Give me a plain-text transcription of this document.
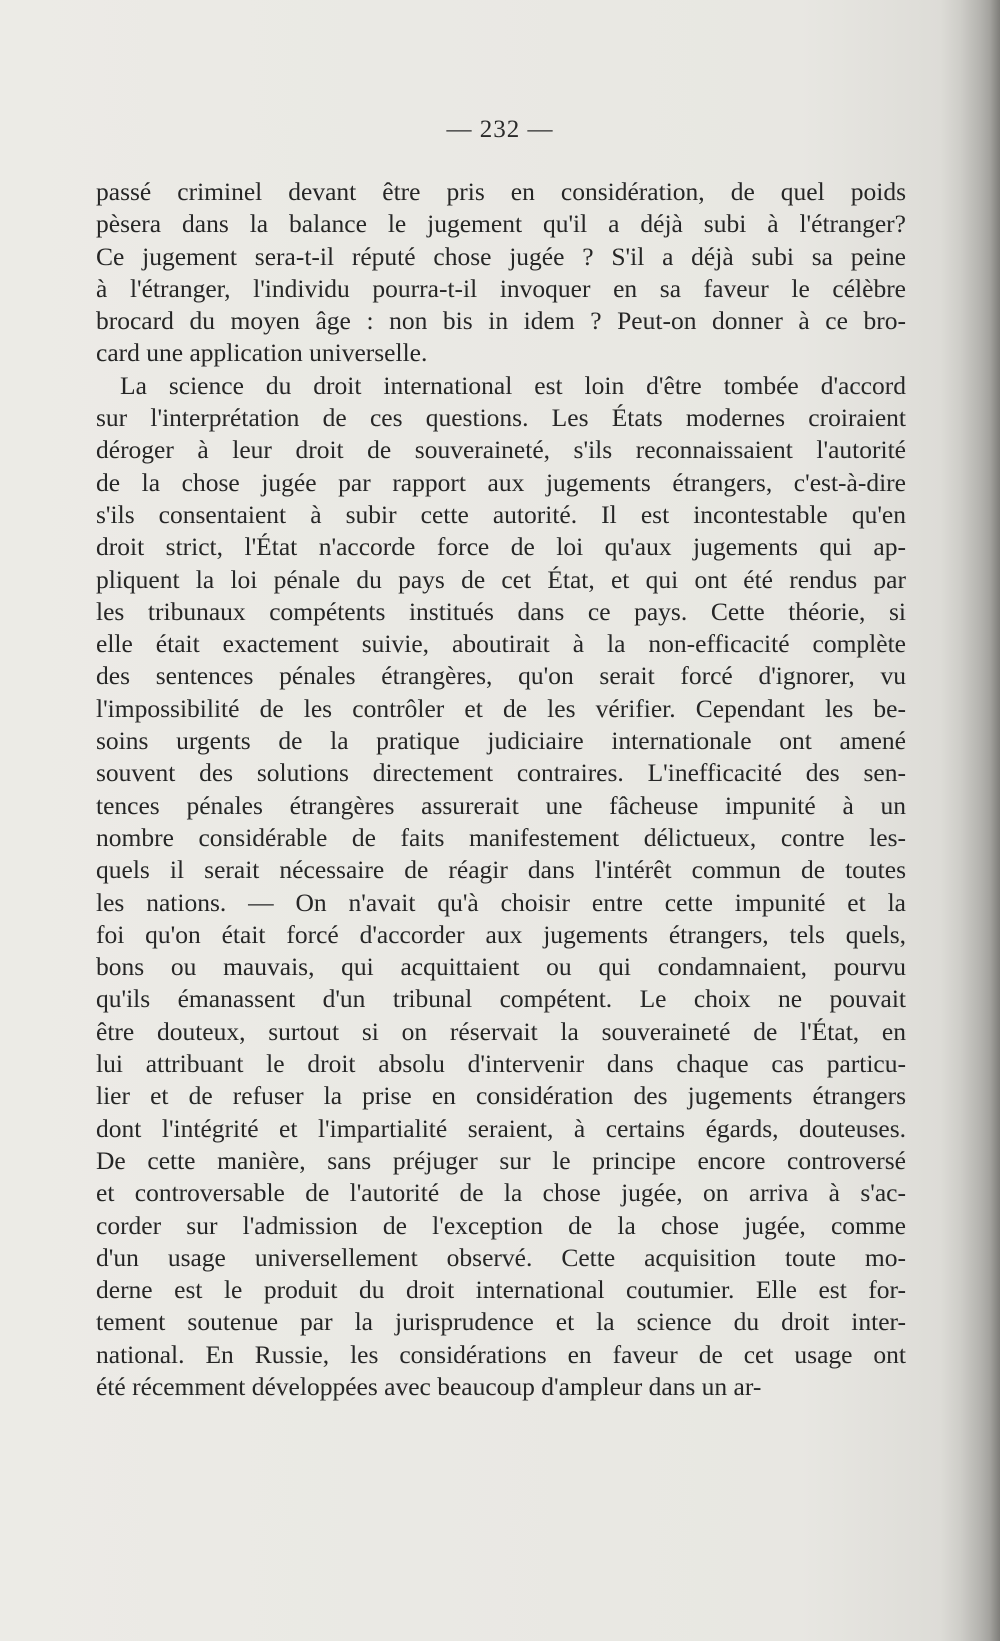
— 232 —
passé criminel devant être pris en considération, de quel poids
pèsera dans la balance le jugement qu'il a déjà subi à l'étranger?
Ce jugement sera-t-il réputé chose jugée ? S'il a déjà subi sa peine
à l'étranger, l'individu pourra-t-il invoquer en sa faveur le célèbre
brocard du moyen âge : non bis in idem ? Peut-on donner à ce bro-
card une application universelle.
La science du droit international est loin d'être tombée d'accord
sur l'interprétation de ces questions. Les États modernes croiraient
déroger à leur droit de souveraineté, s'ils reconnaissaient l'autorité
de la chose jugée par rapport aux jugements étrangers, c'est-à-dire
s'ils consentaient à subir cette autorité. Il est incontestable qu'en
droit strict, l'État n'accorde force de loi qu'aux jugements qui ap-
pliquent la loi pénale du pays de cet État, et qui ont été rendus par
les tribunaux compétents institués dans ce pays. Cette théorie, si
elle était exactement suivie, aboutirait à la non-efficacité complète
des sentences pénales étrangères, qu'on serait forcé d'ignorer, vu
l'impossibilité de les contrôler et de les vérifier. Cependant les be-
soins urgents de la pratique judiciaire internationale ont amené
souvent des solutions directement contraires. L'inefficacité des sen-
tences pénales étrangères assurerait une fâcheuse impunité à un
nombre considérable de faits manifestement délictueux, contre les-
quels il serait nécessaire de réagir dans l'intérêt commun de toutes
les nations. — On n'avait qu'à choisir entre cette impunité et la
foi qu'on était forcé d'accorder aux jugements étrangers, tels quels,
bons ou mauvais, qui acquittaient ou qui condamnaient, pourvu
qu'ils émanassent d'un tribunal compétent. Le choix ne pouvait
être douteux, surtout si on réservait la souveraineté de l'État, en
lui attribuant le droit absolu d'intervenir dans chaque cas particu-
lier et de refuser la prise en considération des jugements étrangers
dont l'intégrité et l'impartialité seraient, à certains égards, douteuses.
De cette manière, sans préjuger sur le principe encore controversé
et controversable de l'autorité de la chose jugée, on arriva à s'ac-
corder sur l'admission de l'exception de la chose jugée, comme
d'un usage universellement observé. Cette acquisition toute mo-
derne est le produit du droit international coutumier. Elle est for-
tement soutenue par la jurisprudence et la science du droit inter-
national. En Russie, les considérations en faveur de cet usage ont
été récemment développées avec beaucoup d'ampleur dans un ar-
